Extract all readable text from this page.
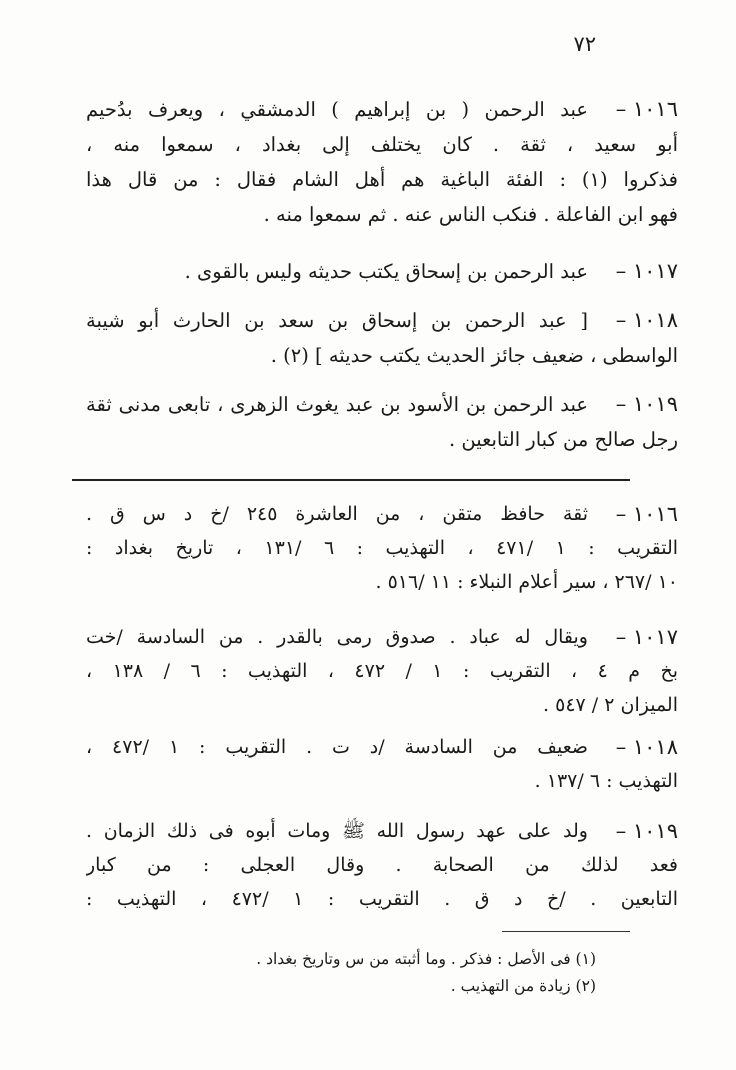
٧٢
١٠١٦ –
عبد الرحمن ( بن إبراهيم ) الدمشقي ، ويعرف بدُحيم
أبو سعيد ، ثقة . كان يختلف إلى بغداد ، سمعوا منه ،
فذكروا (١) : الفئة الباغية هم أهل الشام فقال : من قال هذا
فهو ابن الفاعلة . فنكب الناس عنه . ثم سمعوا منه .
١٠١٧ –
عبد الرحمن بن إسحاق يكتب حديثه وليس بالقوى .
١٠١٨ –
[ عبد الرحمن بن إسحاق بن سعد بن الحارث أبو شيبة
الواسطى ، ضعيف جائز الحديث يكتب حديثه ] (٢) .
١٠١٩ –
عبد الرحمن بن الأسود بن عبد يغوث الزهرى ، تابعى مدنى ثقة
رجل صالح من كبار التابعين .
١٠١٦ –
ثقة حافظ متقن ، من العاشرة ٢٤٥ /خ د س ق .
التقريب : ١ /٤٧١ ، التهذيب : ٦ /١٣١ ، تاريخ بغداد :
١٠ /٢٦٧ ، سير أعلام النبلاء : ١١ /٥١٦ .
١٠١٧ –
ويقال له عباد . صدوق رمى بالقدر . من السادسة /خت
بخ م ٤ ، التقريب : ١ / ٤٧٢ ، التهذيب : ٦ / ١٣٨ ،
الميزان ٢ / ٥٤٧ .
١٠١٨ –
ضعيف من السادسة /د ت . التقريب : ١ /٤٧٢ ،
التهذيب : ٦ /١٣٧ .
١٠١٩ –
ولد على عهد رسول الله ﷺ ومات أبوه فى ذلك الزمان .
فعد لذلك من الصحابة . وقال العجلى : من كبار
التابعين . /خ د ق . التقريب : ١ /٤٧٢ ، التهذيب :
(١) فى الأصل : فذكر . وما أثبته من س وتاريخ بغداد .
(٢) زيادة من التهذيب .
